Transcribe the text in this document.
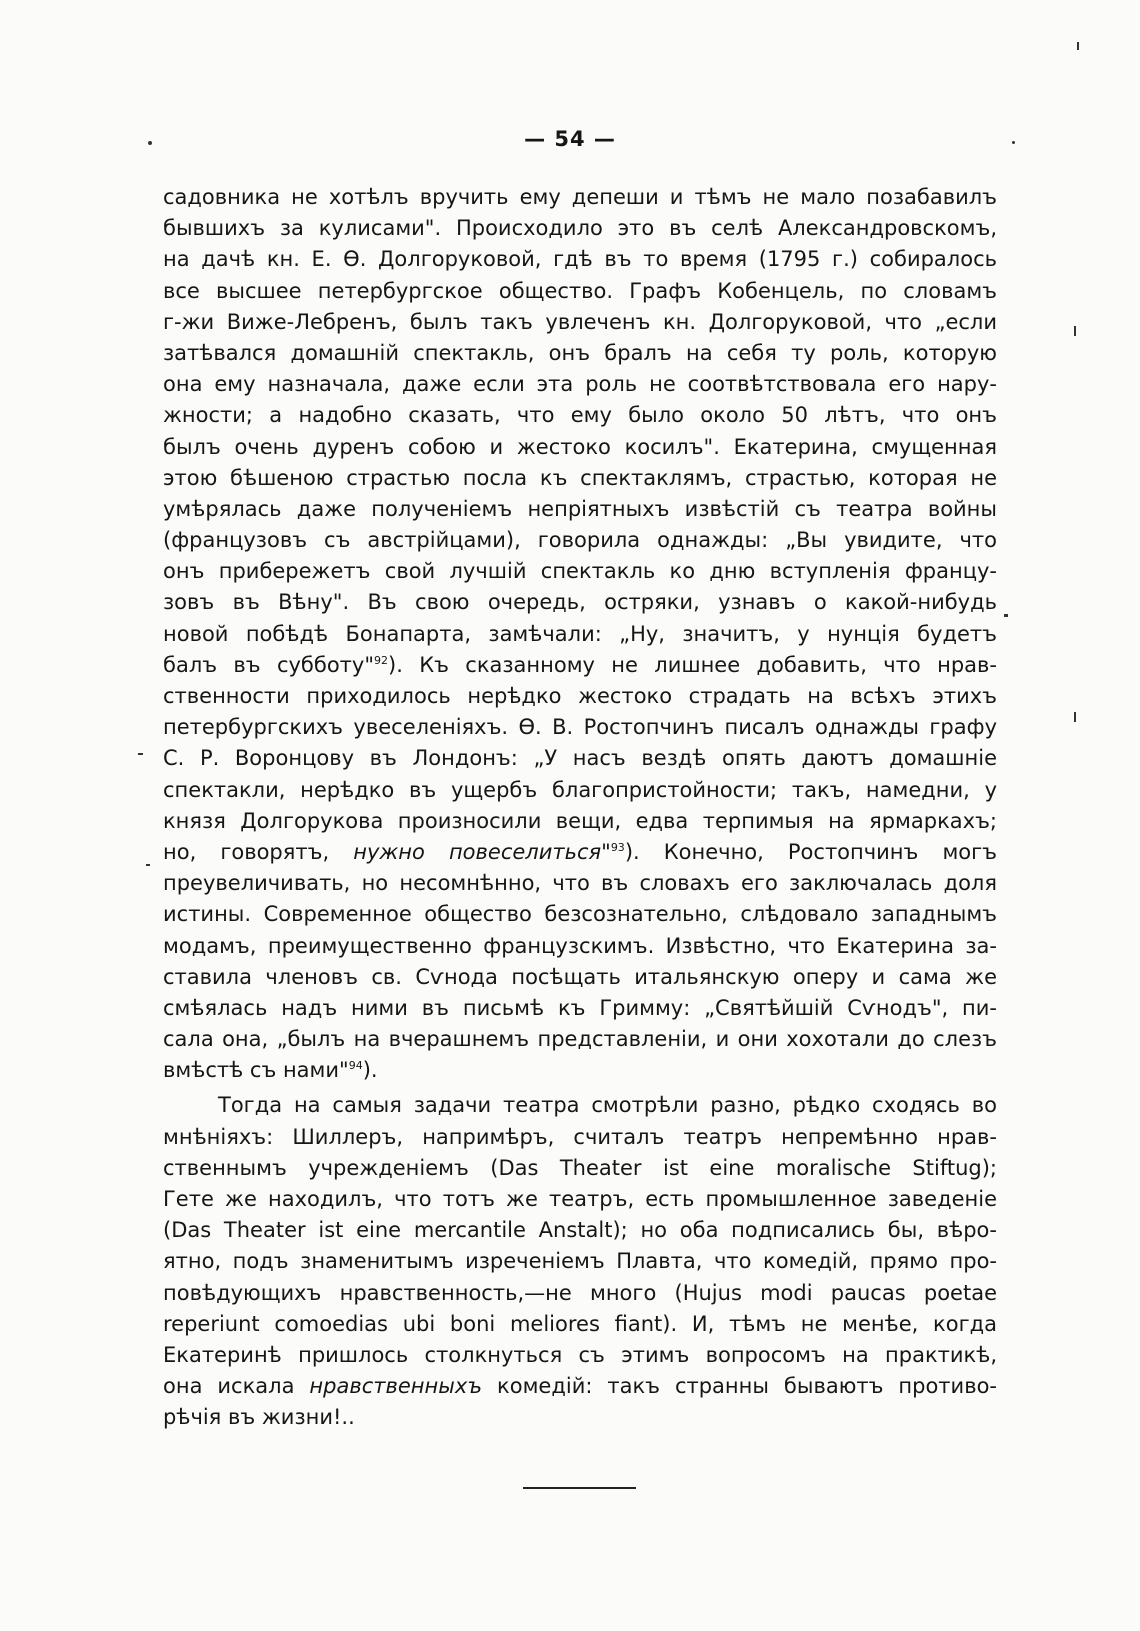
— 54 —
садовника не хотѣлъ вручить ему депеши и тѣмъ не мало позабавилъ
бывшихъ за кулисами". Происходило это въ селѣ Александровскомъ,
на дачѣ кн. Е. Ѳ. Долгоруковой, гдѣ въ то время (1795 г.) собиралось
все высшее петербургское общество. Графъ Кобенцель, по словамъ
г-жи Виже-Лебренъ, былъ такъ увлеченъ кн. Долгоруковой, что „если
затѣвался домашній спектакль, онъ бралъ на себя ту роль, которую
она ему назначала, даже если эта роль не соотвѣтствовала его нару-
жности; а надобно сказать, что ему было около 50 лѣтъ, что онъ
былъ очень дуренъ собою и жестоко косилъ". Екатерина, смущенная
этою бѣшеною страстью посла къ спектаклямъ, страстью, которая не
умѣрялась даже полученіемъ непріятныхъ извѣстій съ театра войны
(французовъ съ австрійцами), говорила однажды: „Вы увидите, что
онъ прибережетъ свой лучшій спектакль ко дню вступленія францу-
зовъ въ Вѣну". Въ свою очередь, остряки, узнавъ о какой-нибудь
новой побѣдѣ Бонапарта, замѣчали: „Ну, значитъ, у нунція будетъ
балъ въ субботу"$^{92}$). Къ сказанному не лишнее добавить, что нрав-
ственности приходилось нерѣдко жестоко страдать на всѣхъ этихъ
петербургскихъ увеселеніяхъ. Ѳ. В. Ростопчинъ писалъ однажды графу
С. Р. Воронцову въ Лондонъ: „У насъ вездѣ опять даютъ домашніе
спектакли, нерѣдко въ ущербъ благопристойности; такъ, намедни, у
князя Долгорукова произносили вещи, едва терпимыя на ярмаркахъ;
но, говорятъ, нужно повеселиться"$^{93}$). Конечно, Ростопчинъ могъ
преувеличивать, но несомнѣнно, что въ словахъ его заключалась доля
истины. Современное общество безсознательно, слѣдовало западнымъ
модамъ, преимущественно французскимъ. Извѣстно, что Екатерина за-
ставила членовъ св. Сѵнода посѣщать итальянскую оперу и сама же
смѣялась надъ ними въ письмѣ къ Гримму: „Святѣйшій Сѵнодъ", пи-
сала она, „былъ на вчерашнемъ представленіи, и они хохотали до слезъ
вмѣстѣ съ нами"$^{94}$).
Тогда на самыя задачи театра смотрѣли разно, рѣдко сходясь во
мнѣніяхъ: Шиллеръ, напримѣръ, считалъ театръ непремѣнно нрав-
ственнымъ учрежденіемъ (Das Theater ist eine moralische Stiftug);
Гете же находилъ, что тотъ же театръ, есть промышленное заведеніе
(Das Theater ist eine mercantile Anstalt); но оба подписались бы, вѣро-
ятно, подъ знаменитымъ изреченіемъ Плавта, что комедій, прямо про-
повѣдующихъ нравственность,—не много (Hujus modi paucas poetae
reperiunt comoedias ubi boni meliores fiant). И, тѣмъ не менѣе, когда
Екатеринѣ пришлось столкнуться съ этимъ вопросомъ на практикѣ,
она искала нравственныхъ комедій: такъ странны бываютъ противо-
рѣчія въ жизни!..
